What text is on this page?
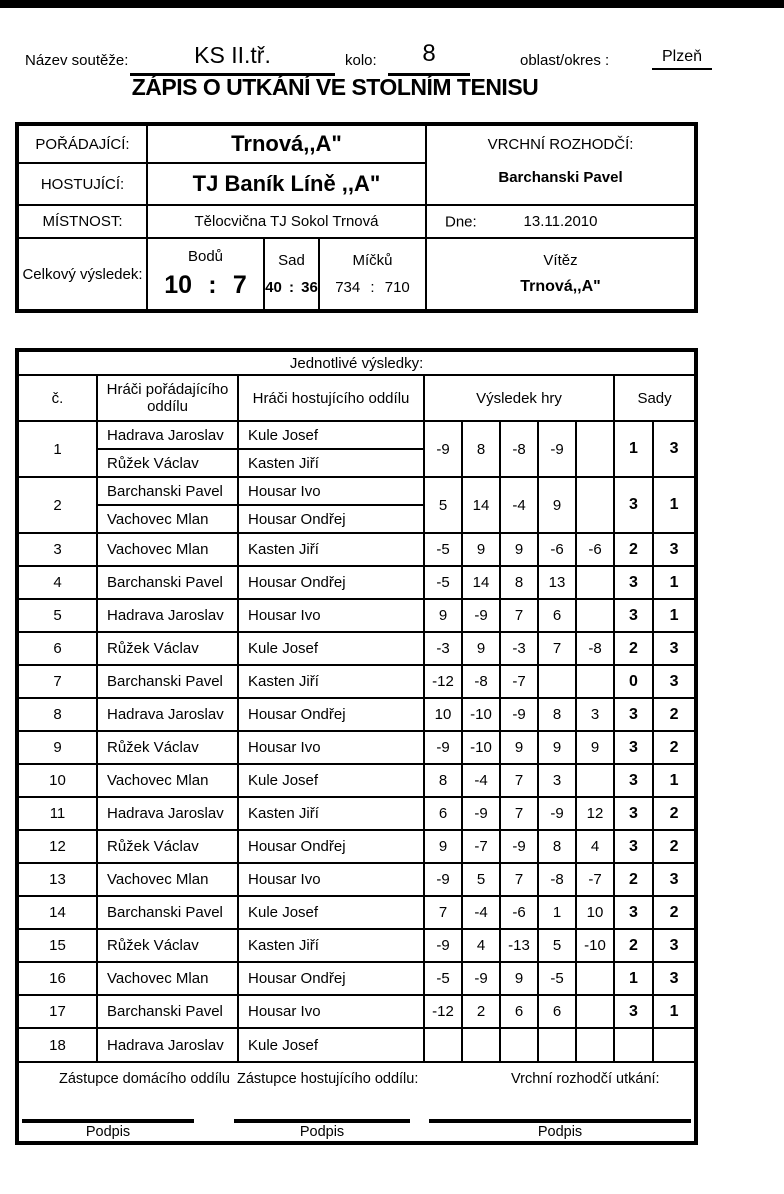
Název soutěže:	KS II.tř.	kolo:	8	oblast/okres :	Plzeň
ZÁPIS O UTKÁNÍ VE STOLNÍM TENISU
POŘÁDAJÍCÍ:	Trnová,,A"	VRCHNÍ ROZHODČÍ:
Barchanski Pavel
HOSTUJÍCÍ:	TJ Baník Líně ,,A"
MÍSTNOST:	Tělocvična TJ Sokol Trnová	Dne:	13.11.2010
Celkový výsledek:
Bodů
10 : 7
Sad
40 : 36
Míčků
734 : 710
Vítěz
Trnová,,A"
Jednotlivé výsledky:									
č.	Hráči pořádajícího oddílu	Hráči hostujícího oddílu	Výsledek hry					Sady	
1	Hadrava Jaroslav	Kule Josef	-9	8	-8	-9		1	3
	Růžek Václav	Kasten Jiří							
2	Barchanski Pavel	Housar Ivo	5	14	-4	9		3	1
	Vachovec Mlan	Housar Ondřej							
3	Vachovec Mlan	Kasten Jiří	-5	9	9	-6	-6	2	3
4	Barchanski Pavel	Housar Ondřej	-5	14	8	13		3	1
5	Hadrava Jaroslav	Housar Ivo	9	-9	7	6		3	1
6	Růžek Václav	Kule Josef	-3	9	-3	7	-8	2	3
7	Barchanski Pavel	Kasten Jiří	-12	-8	-7			0	3
8	Hadrava Jaroslav	Housar Ondřej	10	-10	-9	8	3	3	2
9	Růžek Václav	Housar Ivo	-9	-10	9	9	9	3	2
10	Vachovec Mlan	Kule Josef	8	-4	7	3		3	1
11	Hadrava Jaroslav	Kasten Jiří	6	-9	7	-9	12	3	2
12	Růžek Václav	Housar Ondřej	9	-7	-9	8	4	3	2
13	Vachovec Mlan	Housar Ivo	-9	5	7	-8	-7	2	3
14	Barchanski Pavel	Kule Josef	7	-4	-6	1	10	3	2
15	Růžek Václav	Kasten Jiří	-9	4	-13	5	-10	2	3
16	Vachovec Mlan	Housar Ondřej	-5	-9	9	-5		1	3
17	Barchanski Pavel	Housar Ivo	-12	2	6	6		3	1
18	Hadrava Jaroslav	Kule Josef							
Zástupce domácího oddílu Zástupce hostujícího oddílu:	Vrchní rozhodčí utkání:
Podpis	Podpis	Podpis
